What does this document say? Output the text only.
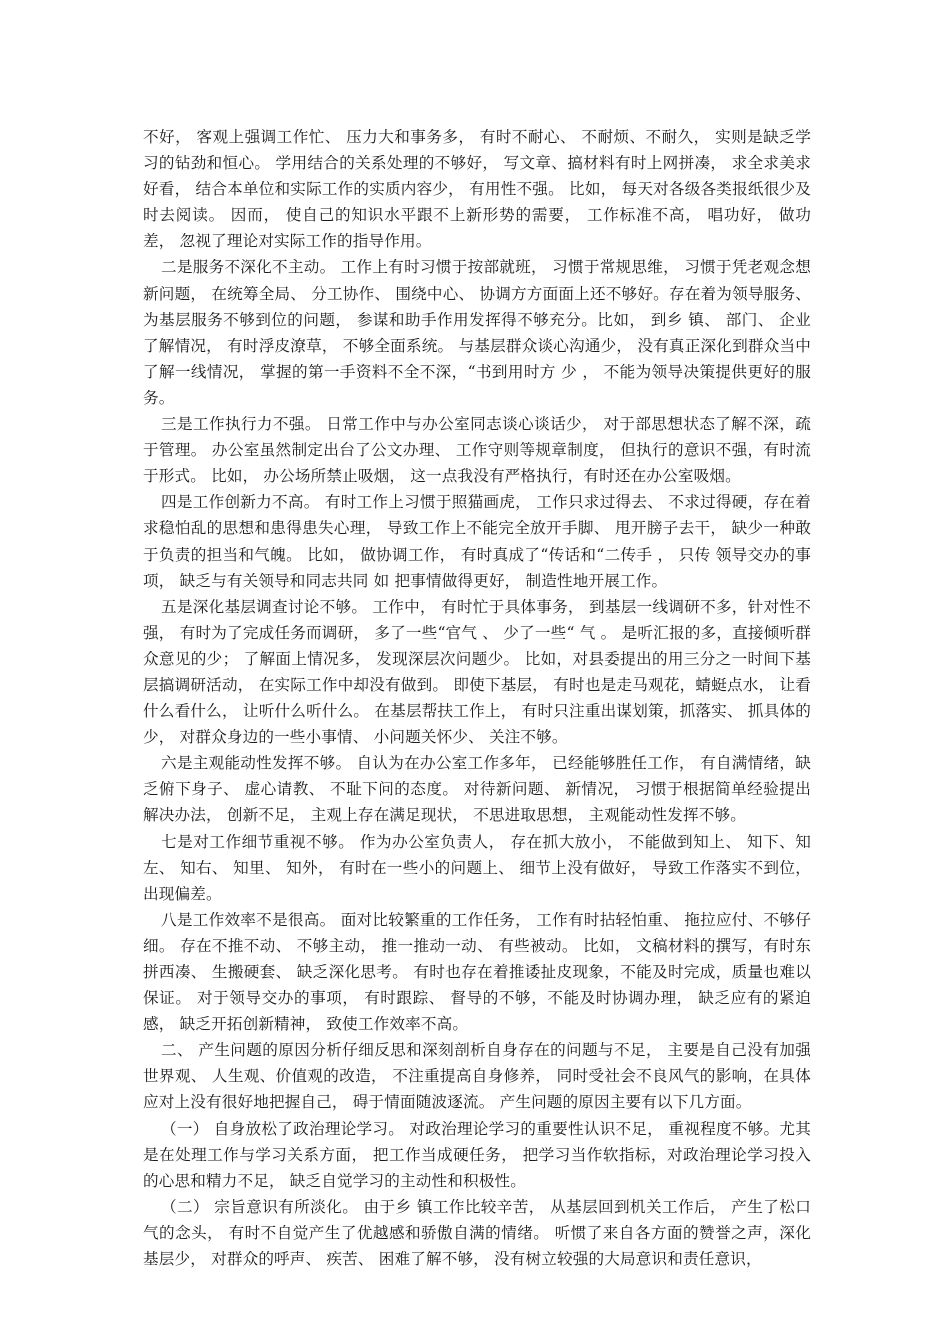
不好， 客观上强调工作忙、 压力大和事务多， 有时不耐心、 不耐烦、不耐久， 实则是缺乏学习的钻劲和恒心。 学用结合的关系处理的不够好， 写文章、搞材料有时上网拼凑， 求全求美求好看， 结合本单位和实际工作的实质内容少， 有用性不强。 比如， 每天对各级各类报纸很少及时去阅读。 因而， 使自己的知识水平跟不上新形势的需要， 工作标准不高， 唱功好， 做功差， 忽视了理论对实际工作的指导作用。

二是服务不深化不主动。 工作上有时习惯于按部就班， 习惯于常规思维， 习惯于凭老观念想新问题， 在统筹全局、 分工协作、 围绕中心、 协调方方面面上还不够好。存在着为领导服务、 为基层服务不够到位的问题， 参谋和助手作用发挥得不够充分。比如， 到乡 镇、 部门、 企业了解情况， 有时浮皮潦草， 不够全面系统。 与基层群众谈心沟通少， 没有真正深化到群众当中了解一线情况， 掌握的第一手资料不全不深，“书到用时方 少 ， 不能为领导决策提供更好的服务。

三是工作执行力不强。 日常工作中与办公室同志谈心谈话少， 对于部思想状态了解不深，疏于管理。 办公室虽然制定出台了公文办理、 工作守则等规章制度， 但执行的意识不强，有时流于形式。 比如， 办公场所禁止吸烟， 这一点我没有严格执行，有时还在办公室吸烟。

四是工作创新力不高。 有时工作上习惯于照猫画虎， 工作只求过得去、 不求过得硬，存在着求稳怕乱的思想和患得患失心理， 导致工作上不能完全放开手脚、 甩开膀子去干， 缺少一种敢于负责的担当和气魄。 比如， 做协调工作， 有时真成了“传话和“二传手 ， 只传 领导交办的事项， 缺乏与有关领导和同志共同 如 把事情做得更好， 制造性地开展工作。

五是深化基层调查讨论不够。 工作中， 有时忙于具体事务， 到基层一线调研不多，针对性不强， 有时为了完成任务而调研， 多了一些“官气 、 少了一些“ 气 。 是听汇报的多，直接倾听群众意见的少； 了解面上情况多， 发现深层次问题少。 比如，对县委提出的用三分之一时间下基层搞调研活动， 在实际工作中却没有做到。 即使下基层， 有时也是走马观花，蜻蜓点水， 让看什么看什么， 让听什么听什么。 在基层帮扶工作上， 有时只注重出谋划策，抓落实、 抓具体的少， 对群众身边的一些小事情、 小问题关怀少、 关注不够。

六是主观能动性发挥不够。 自认为在办公室工作多年， 已经能够胜任工作， 有自满情绪，缺乏俯下身子、 虚心请教、 不耻下问的态度。 对待新问题、 新情况， 习惯于根据简单经验提出解决办法， 创新不足， 主观上存在满足现状， 不思进取思想， 主观能动性发挥不够。

七是对工作细节重视不够。 作为办公室负责人， 存在抓大放小， 不能做到知上、 知下、知左、 知右、 知里、 知外， 有时在一些小的问题上、 细节上没有做好， 导致工作落实不到位， 出现偏差。

八是工作效率不是很高。 面对比较繁重的工作任务， 工作有时拈轻怕重、 拖拉应付、不够仔细。 存在不推不动、 不够主动， 推一推动一动、 有些被动。 比如， 文稿材料的撰写，有时东拼西凑、 生搬硬套、 缺乏深化思考。 有时也存在着推诿扯皮现象，不能及时完成，质量也难以保证。 对于领导交办的事项， 有时跟踪、 督导的不够，不能及时协调办理， 缺乏应有的紧迫感， 缺乏开拓创新精神， 致使工作效率不高。

二、 产生问题的原因分析仔细反思和深刻剖析自身存在的问题与不足， 主要是自己没有加强世界观、 人生观、价值观的改造， 不注重提高自身修养， 同时受社会不良风气的影响，在具体应对上没有很好地把握自己， 碍于情面随波逐流。 产生问题的原因主要有以下几方面。

（一） 自身放松了政治理论学习。 对政治理论学习的重要性认识不足， 重视程度不够。尤其是在处理工作与学习关系方面， 把工作当成硬任务， 把学习当作软指标，对政治理论学习投入的心思和精力不足， 缺乏自觉学习的主动性和积极性。

（二） 宗旨意识有所淡化。 由于乡 镇工作比较辛苦， 从基层回到机关工作后， 产生了松口气的念头， 有时不自觉产生了优越感和骄傲自满的情绪。 听惯了来自各方面的赞誉之声，深化基层少， 对群众的呼声、 疾苦、 困难了解不够， 没有树立较强的大局意识和责任意识，
